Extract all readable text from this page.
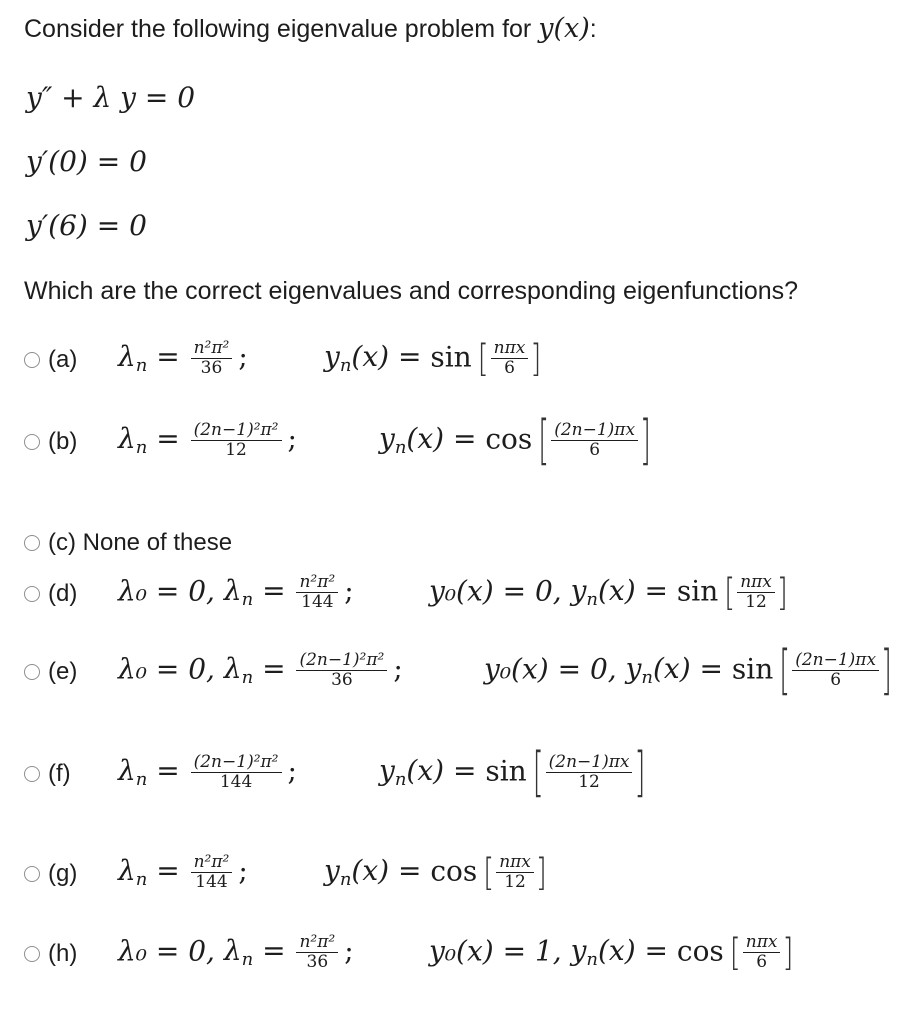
Consider the following eigenvalue problem for y(x):
y″ + λ y = 0
y′(0) = 0
y′(6) = 0
Which are the correct eigenvalues and corresponding eigenfunctions?
(a) $\lambda_n = \frac{\text{n²π²}}{36}$ ;	$y_n(x) = \sin$ [ $\frac{\text{nπx}}{6}$ ]
(b) $\lambda_n = \frac{\text{(2n−1)²π²}}{12}$ ;	$y_n(x) = \cos$ [ $\frac{(2n-1)\pi x}{6}$ ]
(c) None of these
(d) λ₀ = 0, $\lambda_n = \frac{\text{n²π²}}{144}$ ;	y₀(x) = 0, $y_n(x) = \sin$ [ $\frac{\text{nπx}}{12}$ ]
(e) λ₀ = 0, $\lambda_n = \frac{\text{(2n−1)²π²}}{36}$ ;	y₀(x) = 0, $y_n(x) = \sin$ [ $\frac{(2n-1)\pi x}{6}$ ]
(f) $\lambda_n = \frac{\text{(2n−1)²π²}}{144}$ ;	$y_n(x) = \sin$ [ $\frac{(2n-1)\pi x}{12}$ ]
(g) $\lambda_n = \frac{\text{n²π²}}{144}$ ;	$y_n(x) = \cos$ [ $\frac{\text{nπx}}{12}$ ]
(h) λ₀ = 0, $\lambda_n = \frac{\text{n²π²}}{36}$ ;	y₀(x) = 1, $y_n(x) = \cos$ [ $\frac{\text{nπx}}{6}$ ]
